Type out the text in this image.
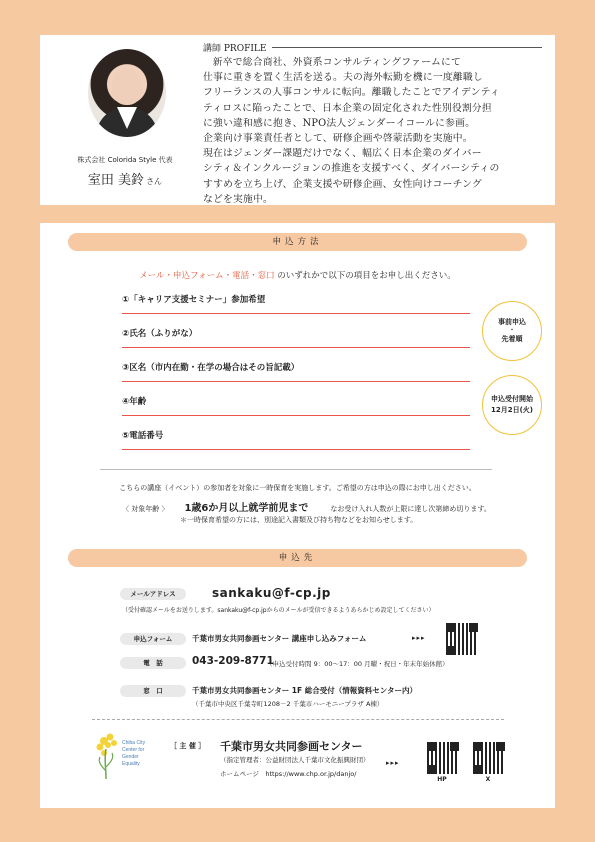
株式会社 Colorida Style 代表
室田 美鈴 さん
講師 PROFILE
新卒で総合商社、外資系コンサルティングファームにて
仕事に重きを置く生活を送る。夫の海外転勤を機に一度離職し
フリーランスの人事コンサルに転向。離職したことでアイデンティ
ティロスに陥ったことで、日本企業の固定化された性別役割分担
に強い違和感に抱き、NPO法人ジェンダーイコールに参画。
企業向け事業責任者として、研修企画や啓蒙活動を実施中。
現在はジェンダー課題だけでなく、幅広く日本企業のダイバー
シティ＆インクルージョンの推進を支援すべく、ダイバーシティの
すすめを立ち上げ、企業支援や研修企画、女性向けコーチング
などを実施中。
申込方法
メール・申込フォーム・電話・窓口 のいずれかで以下の項目をお申し出ください。
①「キャリア支援セミナー」参加希望
②氏名（ふりがな）
③区名（市内在勤・在学の場合はその旨記載）
④年齢
⑤電話番号
事前申込
・
先着順
申込受付開始
12月2日(火)
こちらの講座（イベント）の参加者を対象に一時保育を実施します。ご希望の方は申込の際にお申し出ください。
〈 対象年齢 〉 1歳6か月以上就学前児まで	なお受け入れ人数が上限に達し次第締め切ります。
＊一時保育希望の方には、別途記入書類及び持ち物などをお知らせします。
申込先
メールアドレス	sankaku@f-cp.jp
（受付確認メールをお送りします。sankaku@f-cp.jpからのメールが受信できるようあらかじめ設定してください）
申込フォーム	千葉市男女共同参画センター 講座申し込みフォーム	▸▸▸
電　話	043-209-8771
（申込受付時間 9：00～17：00 月曜・祝日・年末年始休館）
窓　口	千葉市男女共同参画センター 1F 総合受付（情報資料センター内）
（千葉市中央区千葉寺町1208－2 千葉市ハーモニープラザ A棟）
Chiba City
Center for
Gender
Equality
［ 主 催 ］ 千葉市男女共同参画センター
（指定管理者：公益財団法人千葉市文化振興財団）
ホームページ　https://www.chp.or.jp/danjo/
▸▸▸
HP	X
